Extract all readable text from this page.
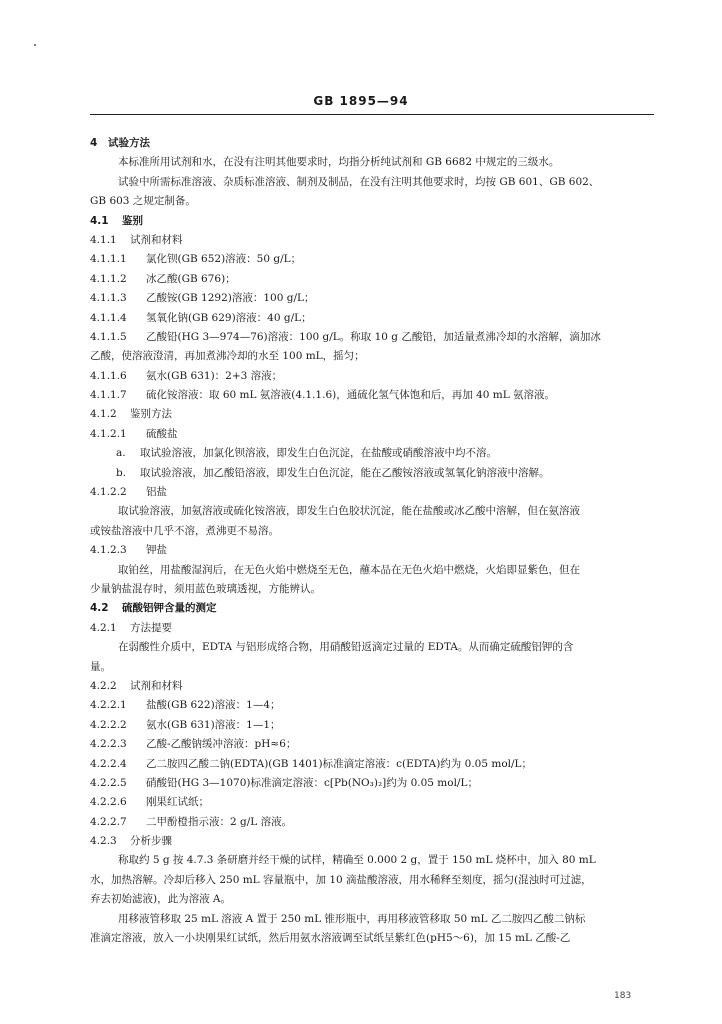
GB 1895—94
4 试验方法
本标准所用试剂和水，在没有注明其他要求时，均指分析纯试剂和 GB 6682 中规定的三级水。
试验中所需标准溶液、杂质标准溶液、制剂及制品，在没有注明其他要求时，均按 GB 601、GB 602、
GB 603 之规定制备。
4.1 鉴别
4.1.1 试剂和材料
4.1.1.1 氯化钡(GB 652)溶液：50 g/L；
4.1.1.2 冰乙酸(GB 676)；
4.1.1.3 乙酸铵(GB 1292)溶液：100 g/L；
4.1.1.4 氢氧化钠(GB 629)溶液：40 g/L；
4.1.1.5 乙酸铅(HG 3—974—76)溶液：100 g/L。称取 10 g 乙酸铅，加适量煮沸冷却的水溶解，滴加冰
乙酸，使溶液澄清，再加煮沸冷却的水至 100 mL，摇匀；
4.1.1.6 氨水(GB 631)：2+3 溶液；
4.1.1.7 硫化铵溶液：取 60 mL 氨溶液(4.1.1.6)，通硫化氢气体饱和后，再加 40 mL 氨溶液。
4.1.2 鉴别方法
4.1.2.1 硫酸盐
a. 取试验溶液，加氯化钡溶液，即发生白色沉淀，在盐酸或硝酸溶液中均不溶。
b. 取试验溶液，加乙酸铅溶液，即发生白色沉淀，能在乙酸铵溶液或氢氧化钠溶液中溶解。
4.1.2.2 铝盐
取试验溶液，加氨溶液或硫化铵溶液，即发生白色胶状沉淀，能在盐酸或冰乙酸中溶解，但在氨溶液
或铵盐溶液中几乎不溶，煮沸更不易溶。
4.1.2.3 钾盐
取铂丝，用盐酸湿润后，在无色火焰中燃烧至无色，蘸本品在无色火焰中燃烧，火焰即显紫色，但在
少量钠盐混存时，须用蓝色玻璃透视，方能辨认。
4.2 硫酸铝钾含量的测定
4.2.1 方法提要
在弱酸性介质中，EDTA 与铝形成络合物，用硝酸铅返滴定过量的 EDTA。从而确定硫酸铝钾的含
量。
4.2.2 试剂和材料
4.2.2.1 盐酸(GB 622)溶液：1—4；
4.2.2.2 氨水(GB 631)溶液：1—1；
4.2.2.3 乙酸-乙酸钠缓冲溶液：pH≈6；
4.2.2.4 乙二胺四乙酸二钠(EDTA)(GB 1401)标准滴定溶液：c(EDTA)约为 0.05 mol/L；
4.2.2.5 硝酸铅(HG 3—1070)标准滴定溶液：c[Pb(NO₃)₂]约为 0.05 mol/L；
4.2.2.6 刚果红试纸；
4.2.2.7 二甲酚橙指示液：2 g/L 溶液。
4.2.3 分析步骤
称取约 5 g 按 4.7.3 条研磨并经干燥的试样，精确至 0.000 2 g，置于 150 mL 烧杯中，加入 80 mL
水，加热溶解。冷却后移入 250 mL 容量瓶中，加 10 滴盐酸溶液，用水稀释至刻度，摇匀(混浊时可过滤，
弃去初始滤液)，此为溶液 A。
用移液管移取 25 mL 溶液 A 置于 250 mL 锥形瓶中，再用移液管移取 50 mL 乙二胺四乙酸二钠标
准滴定溶液，放入一小块刚果红试纸，然后用氨水溶液调至试纸呈紫红色(pH5～6)，加 15 mL 乙酸-乙
183
